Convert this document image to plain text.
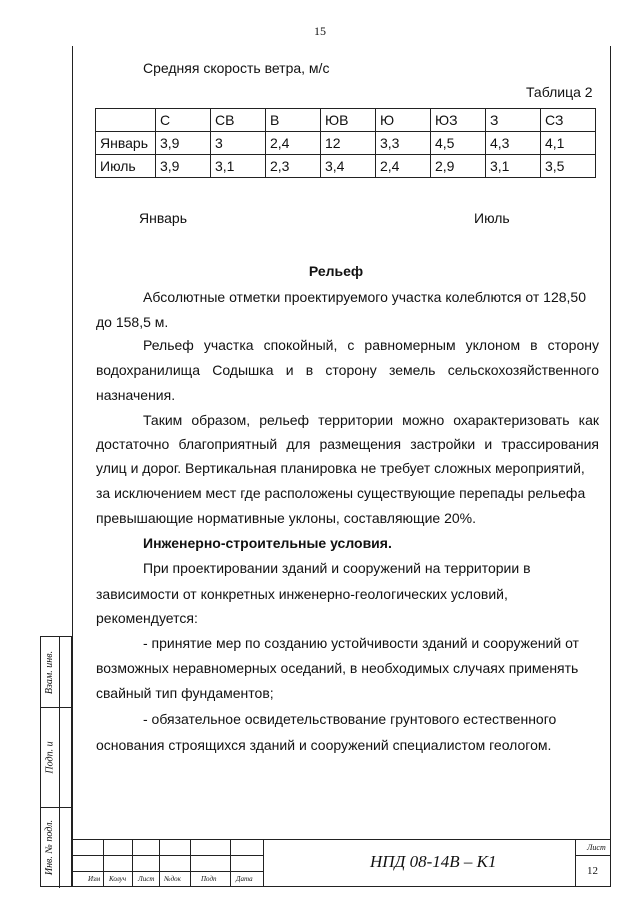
15
Средняя скорость ветра, м/с
Таблица 2
	С	СВ	В	ЮВ	Ю	ЮЗ	З	СЗ
Январь	3,9	3	2,4	12	3,3	4,5	4,3	4,1
Июль	3,9	3,1	2,3	3,4	2,4	2,9	3,1	3,5
Январь	Июль
Рельеф
Абсолютные отметки проектируемого участка колеблются от 128,50
до 158,5 м.
Рельеф участка спокойный, с равномерным уклоном в сторону
водохранилища Содышка и в сторону земель сельскохозяйственного
назначения.
Таким образом, рельеф территории можно охарактеризовать как
достаточно благоприятный для размещения застройки и трассирования
улиц и дорог. Вертикальная планировка не требует сложных мероприятий,
за исключением мест где расположены существующие перепады рельефа
превышающие нормативные уклоны, составляющие 20%.
Инженерно-строительные условия.
При проектировании зданий и сооружений на территории в
зависимости от конкретных инженерно-геологических условий,
рекомендуется:
- принятие мер по созданию устойчивости зданий и сооружений от
возможных неравномерных оседаний, в необходимых случаях применять
свайный тип фундаментов;
- обязательное освидетельствование грунтового естественного
основания строящихся зданий и сооружений специалистом геологом.
Взам. инв.
Подп. и
Инв. № подл.
Изм Колуч Лист №док	Подп	Дата
НПД 08-14В – К1
Лист
12
